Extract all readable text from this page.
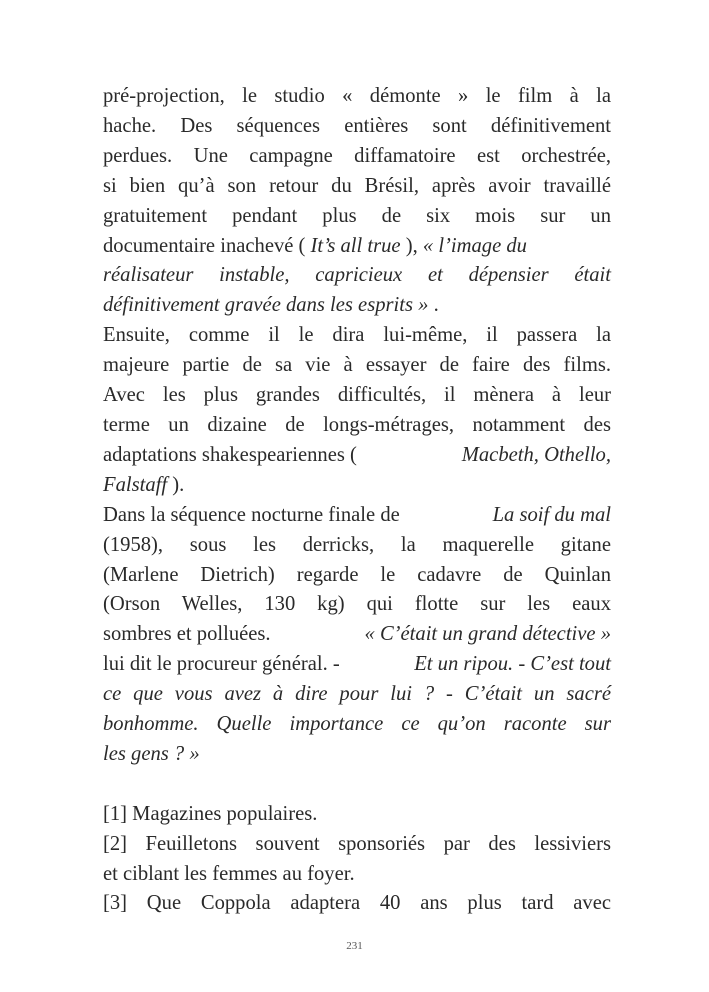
pré-projection, le studio « démonte » le film à la
hache. Des séquences entières sont définitivement
perdues. Une campagne diffamatoire est orchestrée,
si bien qu’à son retour du Brésil, après avoir travaillé
gratuitement pendant plus de six mois sur un
documentaire inachevé ( It’s all true ), « l’image du
réalisateur instable, capricieux et dépensier était
définitivement gravée dans les esprits » .
Ensuite, comme il le dira lui-même, il passera la
majeure partie de sa vie à essayer de faire des films.
Avec les plus grandes difficultés, il mènera à leur
terme un dizaine de longs-métrages, notamment des
adaptations shakespeariennes (	Macbeth, Othello,
Falstaff ).
Dans la séquence nocturne finale de	La soif du mal
(1958), sous les derricks, la maquerelle gitane
(Marlene Dietrich) regarde le cadavre de Quinlan
(Orson Welles, 130 kg) qui flotte sur les eaux
sombres et polluées.	« C’était un grand détective »
lui dit le procureur général. -	Et un ripou. - C’est tout
ce que vous avez à dire pour lui ? - C’était un sacré
bonhomme. Quelle importance ce qu’on raconte sur
les gens ? »
[1] Magazines populaires.
[2] Feuilletons souvent sponsoriés par des lessiviers
et ciblant les femmes au foyer.
[3] Que Coppola adaptera 40 ans plus tard avec
231
